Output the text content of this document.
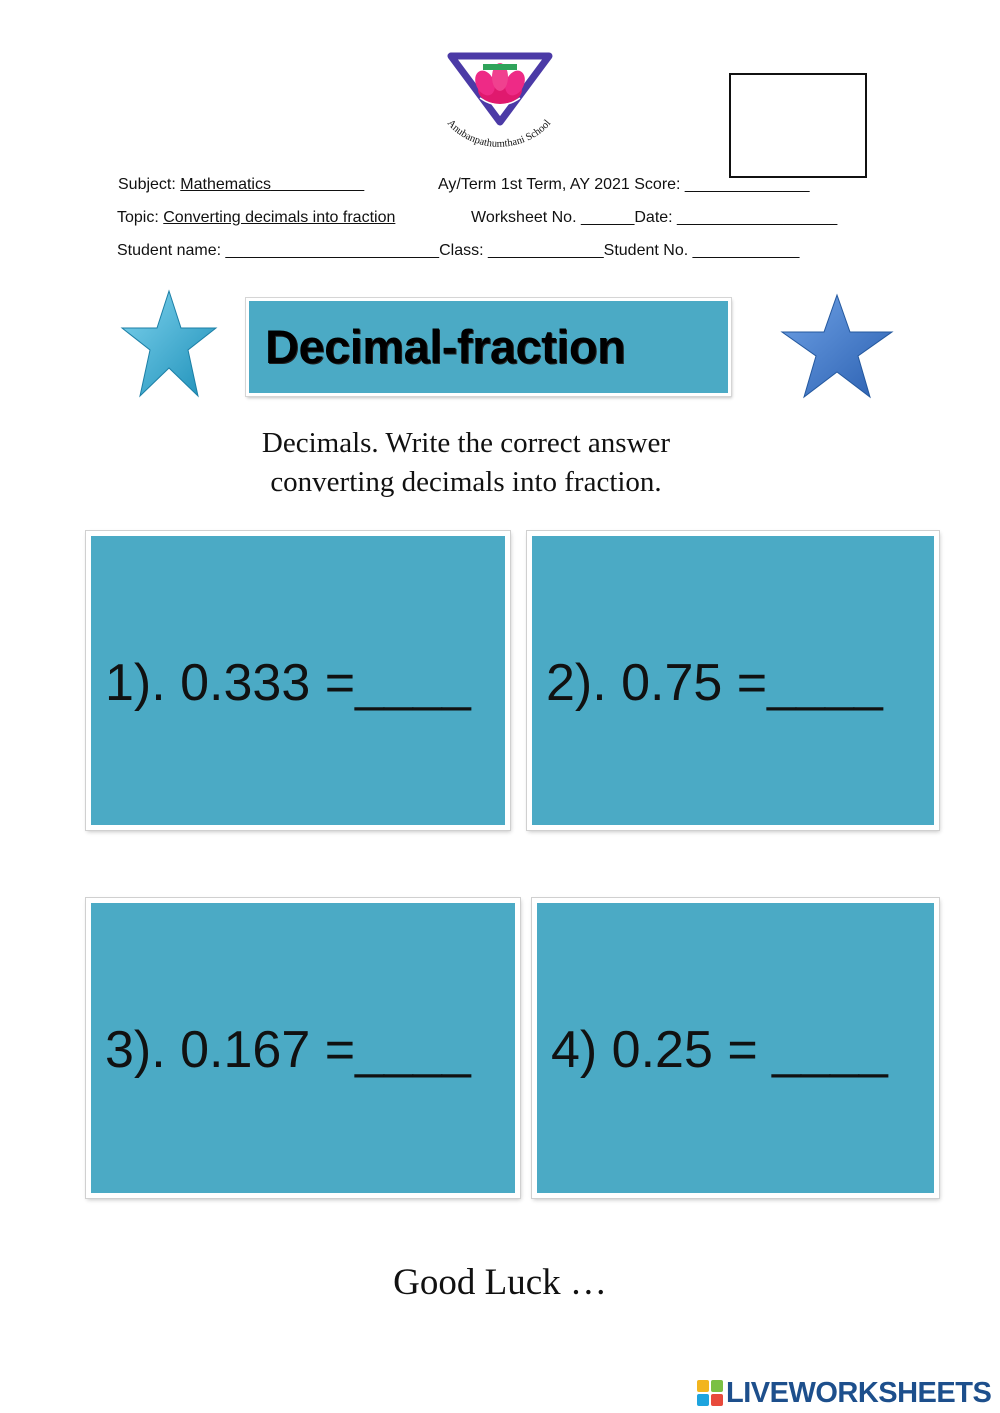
Anubanpathumthani School
Subject: Mathematics	Ay/Term 1st Term, AY 2021 Score: ______________
Topic: Converting decimals into fraction	Worksheet No. ______Date: __________________
Student name: ________________________Class: _____________Student No. ____________
Decimal-fraction
Decimals. Write the correct answer
converting decimals into fraction.
1). 0.333 =____ 2). 0.75 =____
3). 0.167 =____ 4) 0.25 = ____
Good Luck …
LIVEWORKSHEETS
